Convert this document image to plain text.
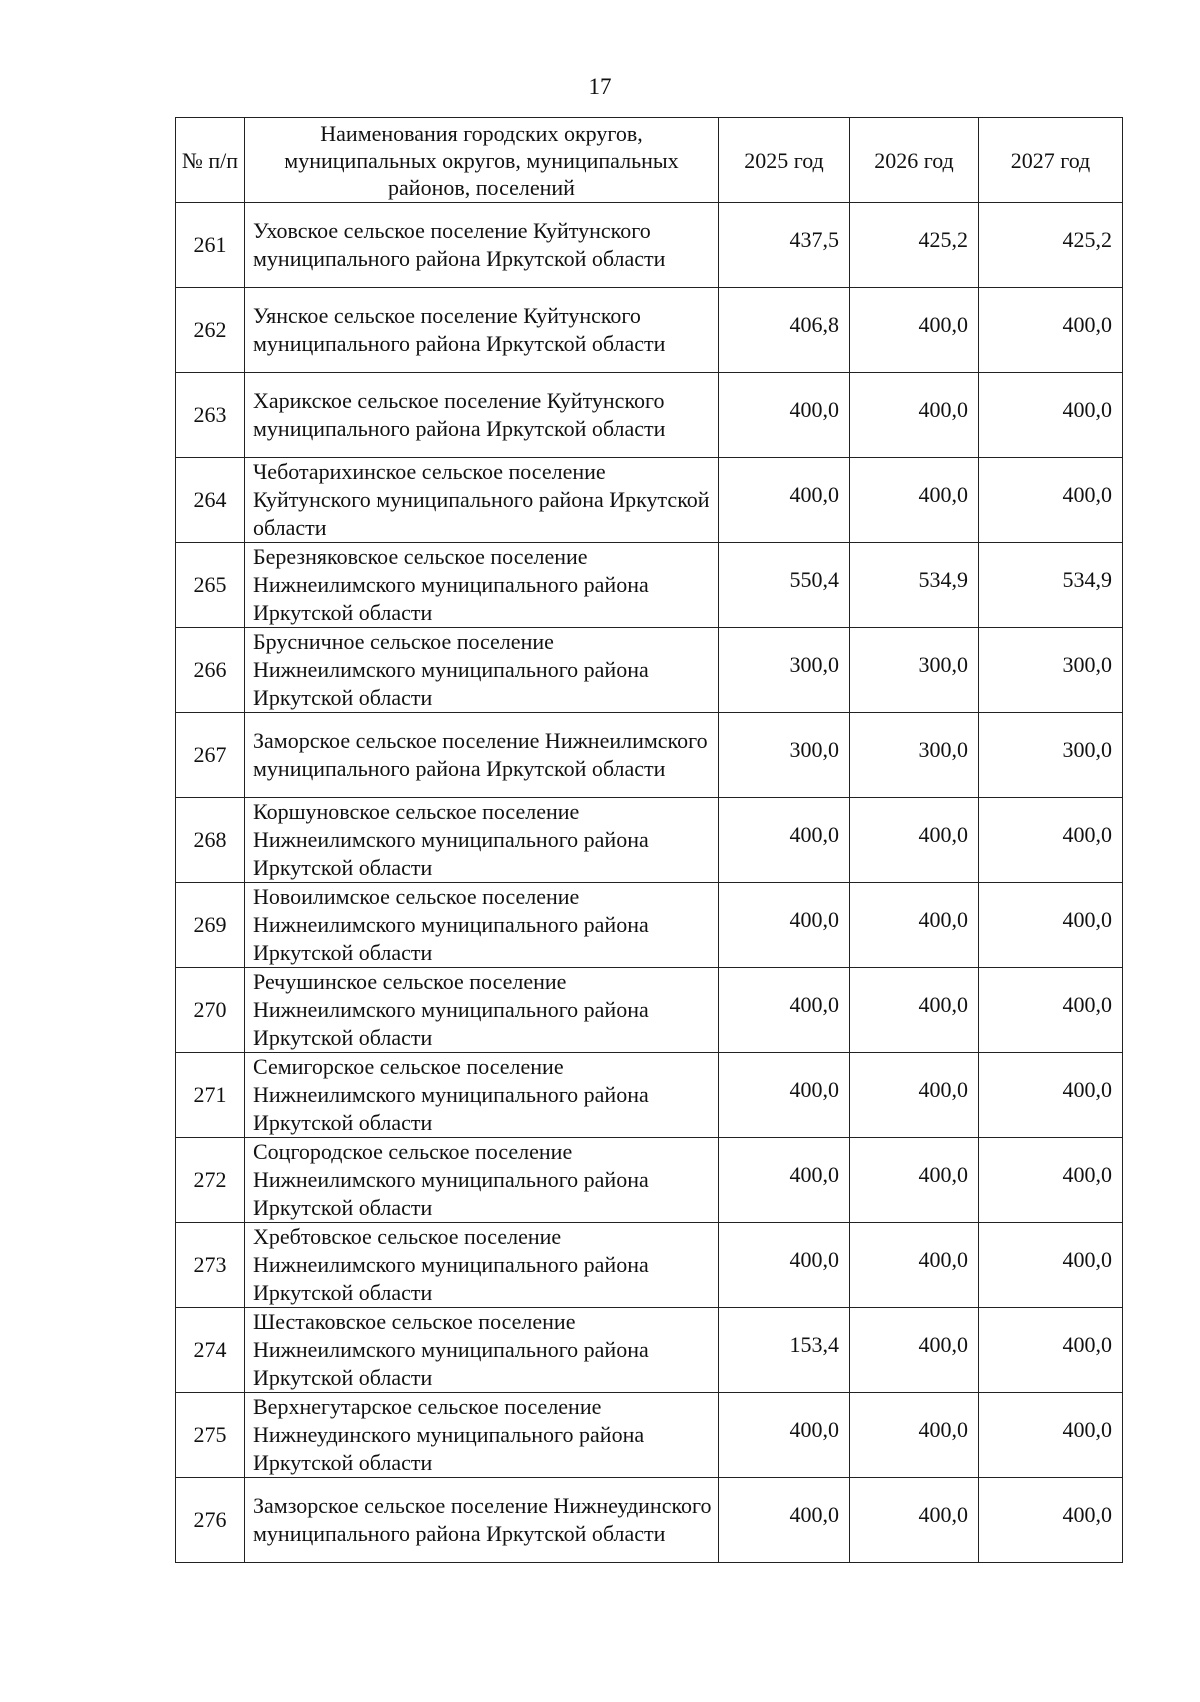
17
№ п/п	Наименования городских округов, муниципальных округов, муниципальных районов, поселений	2025 год	2026 год	2027 год
261	Уховское сельское поселение Куйтунского муниципального района Иркутской области	437,5	425,2	425,2
262	Уянское сельское поселение Куйтунского муниципального района Иркутской области	406,8	400,0	400,0
263	Харикское сельское поселение Куйтунского муниципального района Иркутской области	400,0	400,0	400,0
264	Чеботарихинское сельское поселение Куйтунского муниципального района Иркутской области	400,0	400,0	400,0
265	Березняковское сельское поселение Нижнеилимского муниципального района Иркутской области	550,4	534,9	534,9
266	Брусничное сельское поселение Нижнеилимского муниципального района Иркутской области	300,0	300,0	300,0
267	Заморское сельское поселение Нижнеилимского муниципального района Иркутской области	300,0	300,0	300,0
268	Коршуновское сельское поселение Нижнеилимского муниципального района Иркутской области	400,0	400,0	400,0
269	Новоилимское сельское поселение Нижнеилимского муниципального района Иркутской области	400,0	400,0	400,0
270	Речушинское сельское поселение Нижнеилимского муниципального района Иркутской области	400,0	400,0	400,0
271	Семигорское сельское поселение Нижнеилимского муниципального района Иркутской области	400,0	400,0	400,0
272	Соцгородское сельское поселение Нижнеилимского муниципального района Иркутской области	400,0	400,0	400,0
273	Хребтовское сельское поселение Нижнеилимского муниципального района Иркутской области	400,0	400,0	400,0
274	Шестаковское сельское поселение Нижнеилимского муниципального района Иркутской области	153,4	400,0	400,0
275	Верхнегутарское сельское поселение Нижнеудинского муниципального района Иркутской области	400,0	400,0	400,0
276	Замзорское сельское поселение Нижнеудинского муниципального района Иркутской области	400,0	400,0	400,0
